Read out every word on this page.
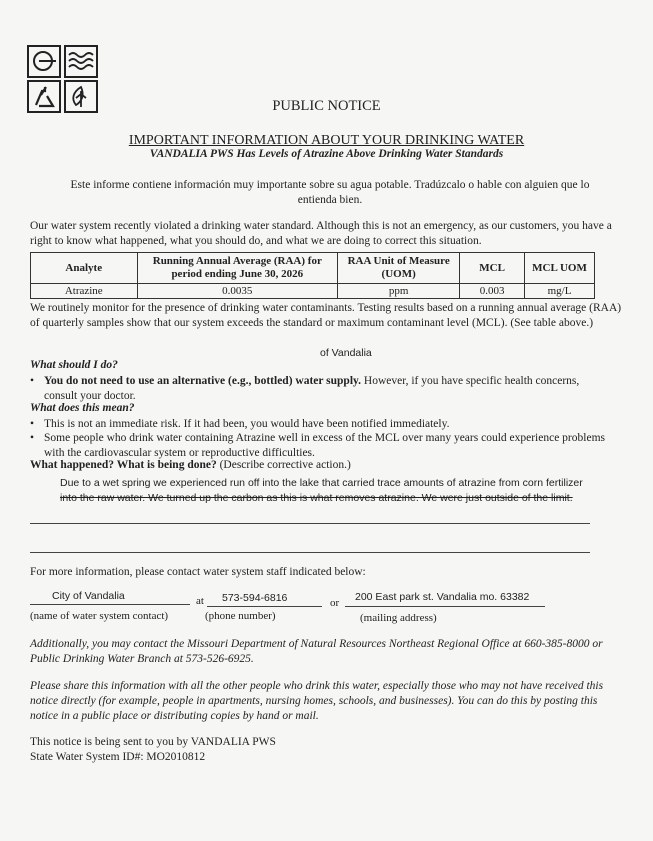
PUBLIC NOTICE
IMPORTANT INFORMATION ABOUT YOUR DRINKING WATER
VANDALIA PWS Has Levels of Atrazine Above Drinking Water Standards
Este informe contiene información muy importante sobre su agua potable. Tradúzcalo o hable con alguien que lo entienda bien.
Our water system recently violated a drinking water standard. Although this is not an emergency, as our customers, you have a right to know what happened, what you should do, and what we are doing to correct this situation.
Analyte	Running Annual Average (RAA) for period ending June 30, 2026	RAA Unit of Measure (UOM)	MCL	MCL UOM
Atrazine	0.0035	ppm	0.003	mg/L
We routinely monitor for the presence of drinking water contaminants. Testing results based on a running annual average (RAA) of quarterly samples show that our system exceeds the standard or maximum contaminant level (MCL). (See table above.)
of Vandalia
What should I do?
• You do not need to use an alternative (e.g., bottled) water supply. However, if you have specific health concerns, consult your doctor.
What does this mean?
• This is not an immediate risk. If it had been, you would have been notified immediately.
• Some people who drink water containing Atrazine well in excess of the MCL over many years could experience problems with the cardiovascular system or reproductive difficulties.
What happened? What is being done? (Describe corrective action.)
Due to a wet spring we experienced run off into the lake that carried trace amounts of atrazine from corn fertilizer
into the raw water. We turned up the carbon as this is what removes atrazine. We were just outside of the limit.
For more information, please contact water system staff indicated below:
City of Vandalia	at 573-594-6816	or 200 East park st. Vandalia mo. 63382
(name of water system contact)	(phone number)	(mailing address)
Additionally, you may contact the Missouri Department of Natural Resources Northeast Regional Office at 660-385-8000 or Public Drinking Water Branch at 573-526-6925.
Please share this information with all the other people who drink this water, especially those who may not have received this notice directly (for example, people in apartments, nursing homes, schools, and businesses). You can do this by posting this notice in a public place or distributing copies by hand or mail.
This notice is being sent to you by VANDALIA PWS
State Water System ID#: MO2010812
